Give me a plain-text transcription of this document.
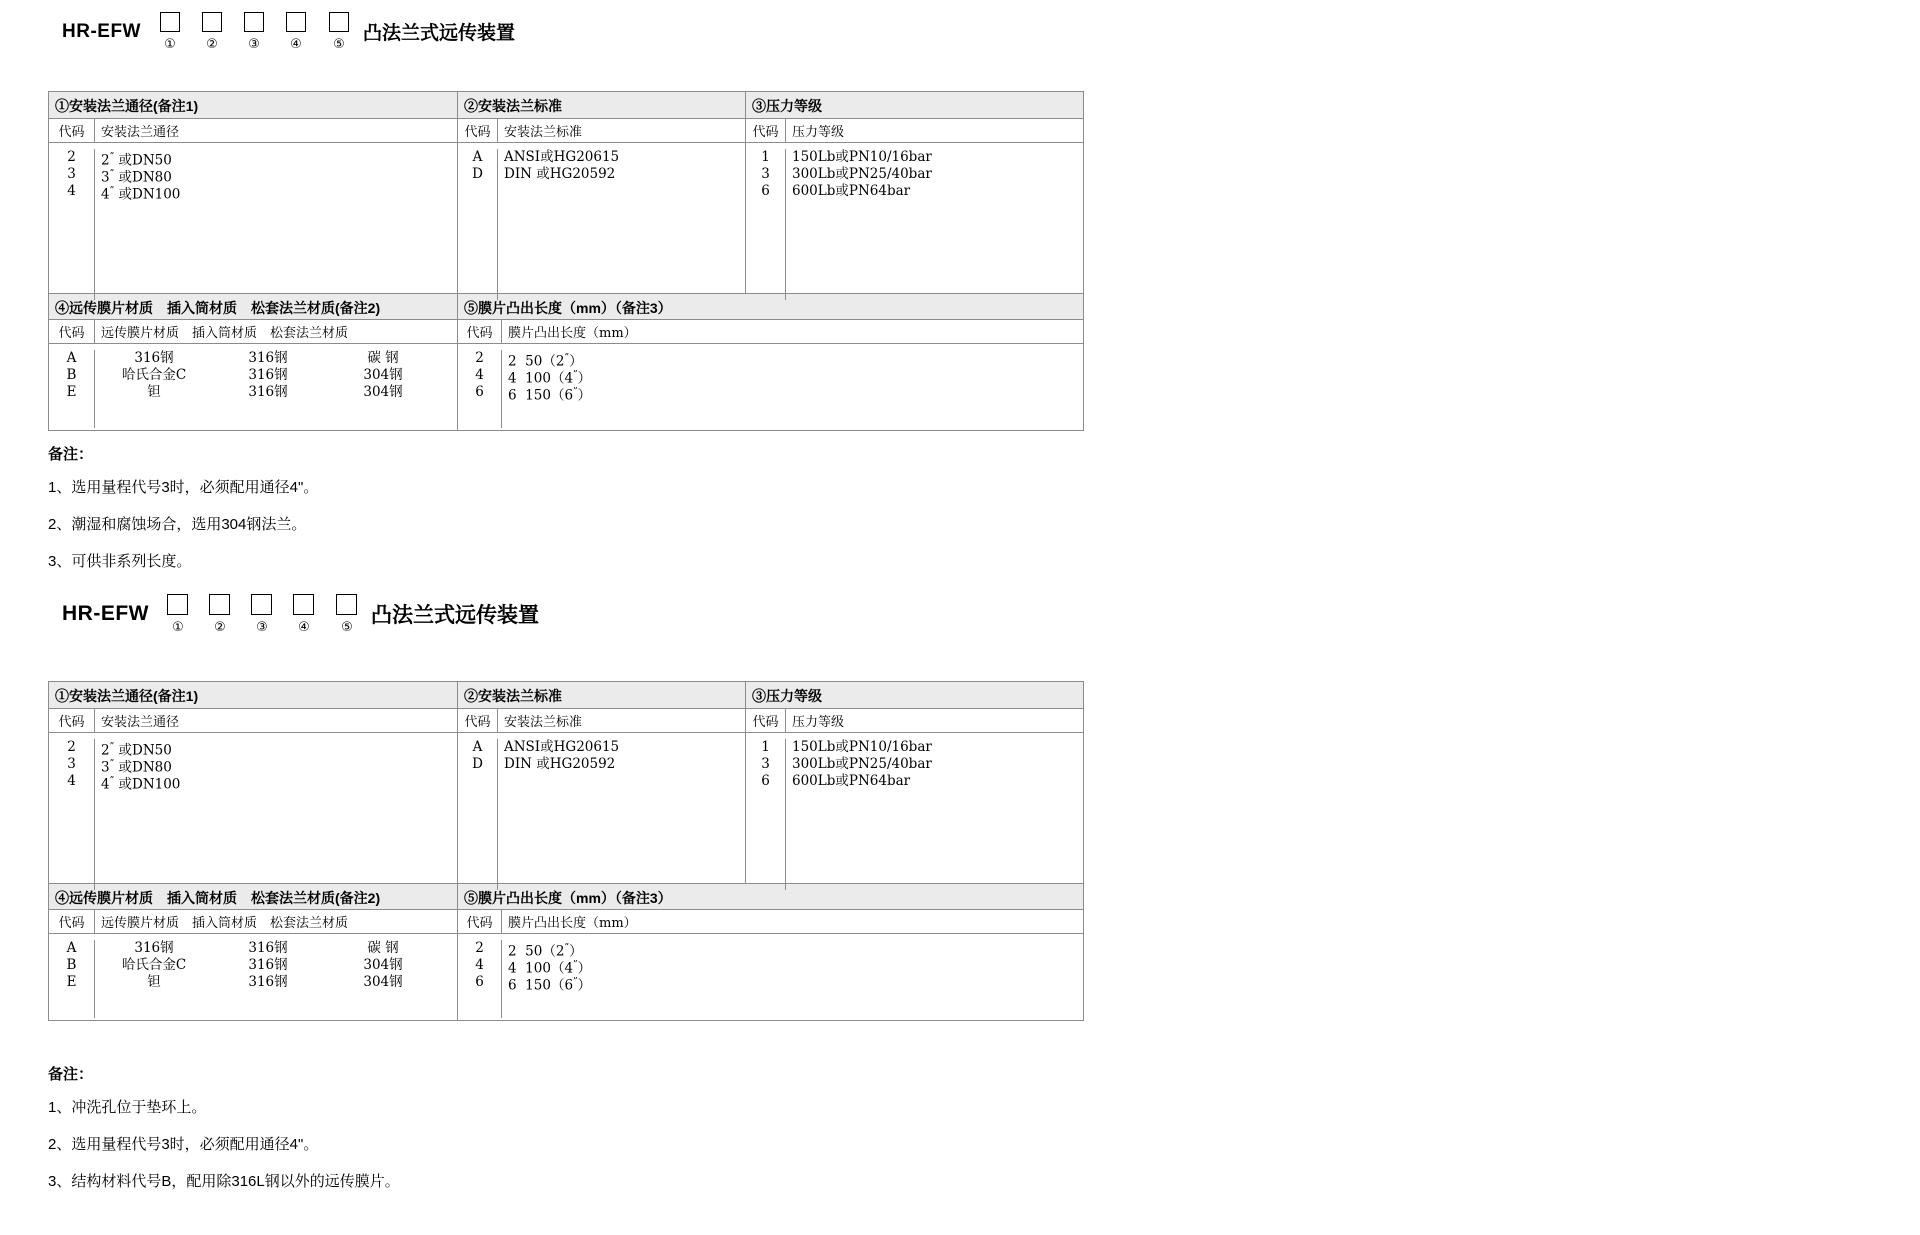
HR-EFW
① ② ③ ④ ⑤
凸法兰式远传装置
①安装法兰通径(备注1)	②安装法兰标准	③压力等级
代码	安装法兰通径
2	2” 或DN50
3	3” 或DN80
4	4” 或DN100
代码	安装法兰标准
A	ANSI或HG20615
D	DIN 或HG20592
代码	压力等级
1	150Lb或PN10/16bar
3	300Lb或PN25/40bar
6	600Lb或PN64bar
④远传膜片材质　插入筒材质　松套法兰材质(备注2)	⑤膜片凸出长度（mm）（备注3）
代码	远传膜片材质　插入筒材质　松套法兰材质
A	316钢	316钢	碳 钢
B	哈氏合金C	316钢	304钢
E	钽	316钢	304钢
代码	膜片凸出长度（mm）
2	2  50（2”）
4	4  100（4”）
6	6  150（6”）
备注：
1、选用量程代号3时，必须配用通径4"。
2、潮湿和腐蚀场合，选用304钢法兰。
3、可供非系列长度。
HR-EFW
① ② ③ ④ ⑤
凸法兰式远传装置
①安装法兰通径(备注1)	②安装法兰标准	③压力等级
代码	安装法兰通径
2	2” 或DN50
3	3” 或DN80
4	4” 或DN100
代码	安装法兰标准
A	ANSI或HG20615
D	DIN 或HG20592
代码	压力等级
1	150Lb或PN10/16bar
3	300Lb或PN25/40bar
6	600Lb或PN64bar
④远传膜片材质　插入筒材质　松套法兰材质(备注2)	⑤膜片凸出长度（mm）（备注3）
代码	远传膜片材质　插入筒材质　松套法兰材质
A	316钢	316钢	碳 钢
B	哈氏合金C	316钢	304钢
E	钽	316钢	304钢
代码	膜片凸出长度（mm）
2	2  50（2”）
4	4  100（4”）
6	6  150（6”）
备注：
1、冲洗孔位于垫环上。
2、选用量程代号3时，必须配用通径4"。
3、结构材料代号B，配用除316L钢以外的远传膜片。
